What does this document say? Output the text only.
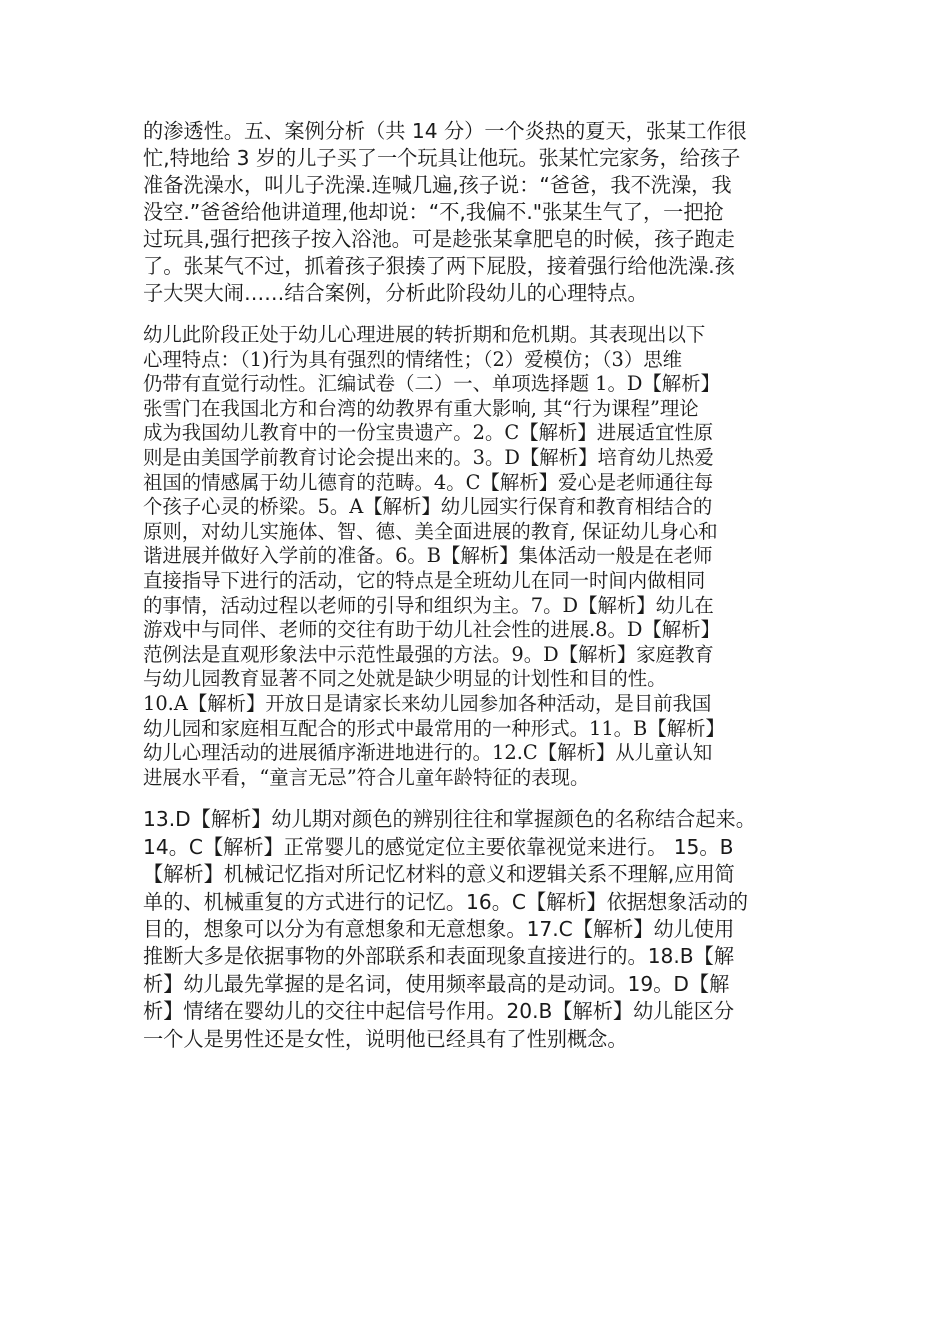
的渗透性。五、案例分析（共 14 分）一个炎热的夏天，张某工作很
忙,特地给 3 岁的儿子买了一个玩具让他玩。张某忙完家务，给孩子
准备洗澡水，叫儿子洗澡.连喊几遍,孩子说：“爸爸，我不洗澡，我
没空.”爸爸给他讲道理,他却说：“不,我偏不."张某生气了，一把抢
过玩具,强行把孩子按入浴池。可是趁张某拿肥皂的时候，孩子跑走
了。张某气不过，抓着孩子狠揍了两下屁股，接着强行给他洗澡.孩
子大哭大闹……结合案例，分析此阶段幼儿的心理特点。

幼儿此阶段正处于幼儿心理进展的转折期和危机期。其表现出以下
心理特点：（1)行为具有强烈的情绪性；（2）爱模仿；（3）思维
仍带有直觉行动性。汇编试卷（二）一、单项选择题 1。D【解析】
张雪门在我国北方和台湾的幼教界有重大影响, 其“行为课程”理论
成为我国幼儿教育中的一份宝贵遗产。2。C【解析】进展适宜性原
则是由美国学前教育讨论会提出来的。3。D【解析】培育幼儿热爱
祖国的情感属于幼儿德育的范畴。4。C【解析】爱心是老师通往每
个孩子心灵的桥梁。5。A【解析】幼儿园实行保育和教育相结合的
原则，对幼儿实施体、智、德、美全面进展的教育, 保证幼儿身心和
谐进展并做好入学前的准备。6。B【解析】集体活动一般是在老师
直接指导下进行的活动，它的特点是全班幼儿在同一时间内做相同
的事情，活动过程以老师的引导和组织为主。7。D【解析】幼儿在
游戏中与同伴、老师的交往有助于幼儿社会性的进展.8。D【解析】
范例法是直观形象法中示范性最强的方法。9。D【解析】家庭教育
与幼儿园教育显著不同之处就是缺少明显的计划性和目的性。
10.A【解析】开放日是请家长来幼儿园参加各种活动，是目前我国
幼儿园和家庭相互配合的形式中最常用的一种形式。11。B【解析】
幼儿心理活动的进展循序渐进地进行的。12.C【解析】从儿童认知
进展水平看，“童言无忌”符合儿童年龄特征的表现。

13.D【解析】幼儿期对颜色的辨别往往和掌握颜色的名称结合起来。
14。C【解析】正常婴儿的感觉定位主要依靠视觉来进行。 15。B
【解析】机械记忆指对所记忆材料的意义和逻辑关系不理解,应用简
单的、机械重复的方式进行的记忆。16。C【解析】依据想象活动的
目的，想象可以分为有意想象和无意想象。17.C【解析】幼儿使用
推断大多是依据事物的外部联系和表面现象直接进行的。18.B【解
析】幼儿最先掌握的是名词，使用频率最高的是动词。19。D【解
析】情绪在婴幼儿的交往中起信号作用。20.B【解析】幼儿能区分
一个人是男性还是女性，说明他已经具有了性别概念。
